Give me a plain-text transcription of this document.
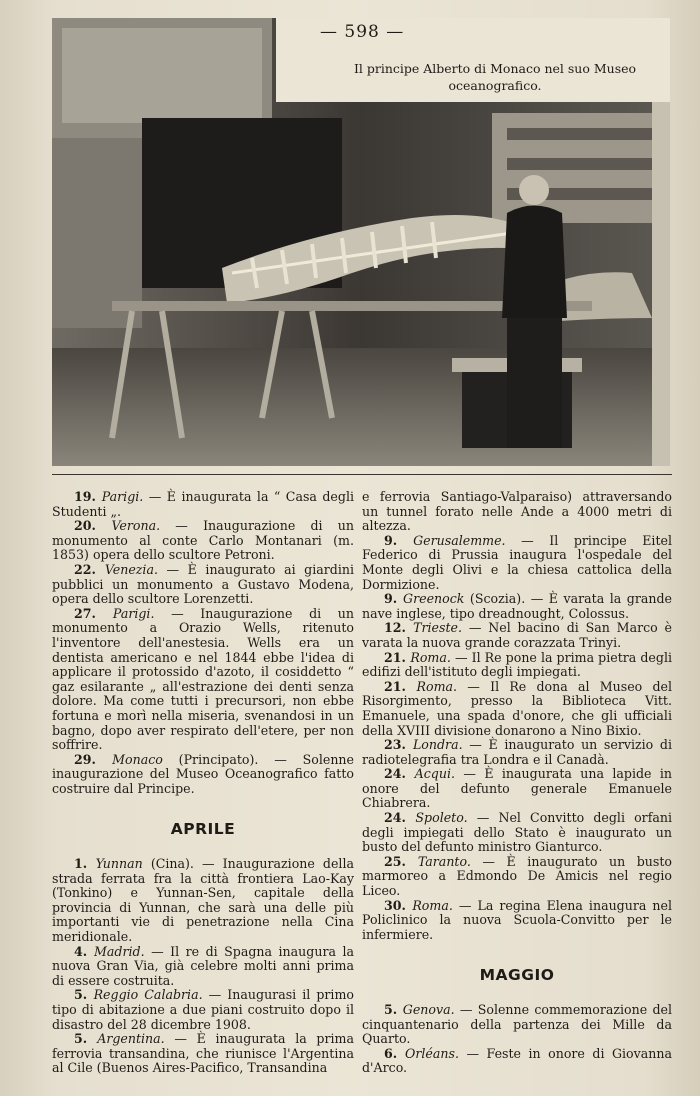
— 598 —
Il principe Alberto di Monaco nel suo Museo
oceanografico.

19. Parigi. — È inaugurata la “ Casa degli Studenti „.

20. Verona. — Inaugurazione di un monumento al conte Carlo Montanari (m. 1853) opera dello scultore Petroni.

22. Venezia. — È inaugurato ai giardini pubblici un monumento a Gustavo Modena, opera dello scultore Lorenzetti.

27. Parigi. — Inaugurazione di un monumento a Orazio Wells, ritenuto l'inventore dell'anestesia. Wells era un dentista americano e nel 1844 ebbe l'idea di applicare il protossido d'azoto, il cosiddetto “ gaz esilarante „ all'estrazione dei denti senza dolore. Ma come tutti i precursori, non ebbe fortuna e morì nella miseria, svenandosi in un bagno, dopo aver respirato dell'etere, per non soffrire.

29. Monaco (Principato). — Solenne inaugurazione del Museo Oceanografico fatto costruire dal Principe.

APRILE

1. Yunnan (Cina). — Inaugurazione della strada ferrata fra la città frontiera Lao-Kay (Tonkino) e Yunnan-Sen, capitale della provincia di Yunnan, che sarà una delle più importanti vie di penetrazione nella Cina meridionale.

4. Madrid. — Il re di Spagna inaugura la nuova Gran Via, già celebre molti anni prima di essere costruita.

5. Reggio Calabria. — Inaugurasi il primo tipo di abitazione a due piani costruito dopo il disastro del 28 dicembre 1908.

5. Argentina. — È inaugurata la prima ferrovia transandina, che riunisce l'Argentina al Cile (Buenos Aires-Pacifico, Transandina

e ferrovia Santiago-Valparaiso) attraversando un tunnel forato nelle Ande a 4000 metri di altezza.

9. Gerusalemme. — Il principe Eitel Federico di Prussia inaugura l'ospedale del Monte degli Olivi e la chiesa cattolica della Dormizione.

9. Greenock (Scozia). — È varata la grande nave inglese, tipo dreadnought, Colossus.

12. Trieste. — Nel bacino di San Marco è varata la nuova grande corazzata Trinyi.

21. Roma. — Il Re pone la prima pietra degli edifizi dell'istituto degli impiegati.

21. Roma. — Il Re dona al Museo del Risorgimento, presso la Biblioteca Vitt. Emanuele, una spada d'onore, che gli ufficiali della XVIII divisione donarono a Nino Bixio.

23. Londra. — È inaugurato un servizio di radiotelegrafia tra Londra e il Canadà.

24. Acqui. — È inaugurata una lapide in onore del defunto generale Emanuele Chiabrera.

24. Spoleto. — Nel Convitto degli orfani degli impiegati dello Stato è inaugurato un busto del defunto ministro Gianturco.

25. Taranto. — È inaugurato un busto marmoreo a Edmondo De Amicis nel regio Liceo.

30. Roma. — La regina Elena inaugura nel Policlinico la nuova Scuola-Convitto per le infermiere.

MAGGIO

5. Genova. — Solenne commemorazione del cinquantenario della partenza dei Mille da Quarto.

6. Orléans. — Feste in onore di Giovanna d'Arco.
